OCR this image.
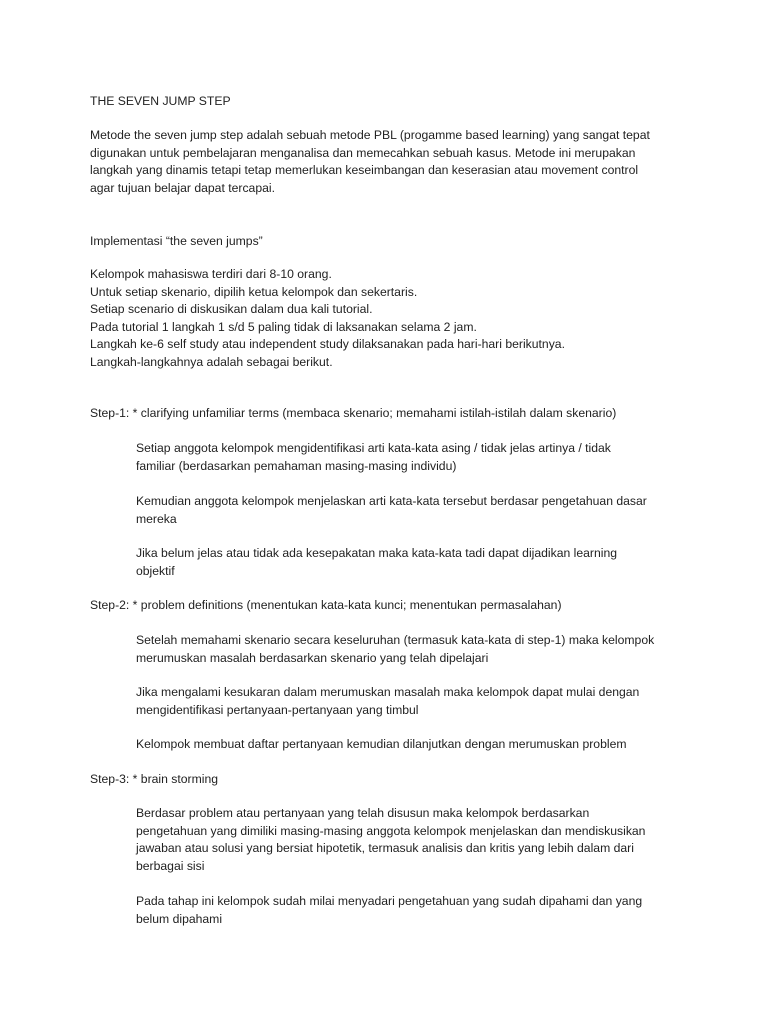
THE SEVEN JUMP STEP

Metode the seven jump step adalah sebuah metode PBL (progamme based learning) yang sangat tepat
digunakan untuk pembelajaran menganalisa dan memecahkan sebuah kasus. Metode ini merupakan
langkah yang dinamis tetapi tetap memerlukan keseimbangan dan keserasian atau movement control
agar tujuan belajar dapat tercapai.

Implementasi “the seven jumps”

Kelompok mahasiswa terdiri dari 8-10 orang.
Untuk setiap skenario, dipilih ketua kelompok dan sekertaris.
Setiap scenario di diskusikan dalam dua kali tutorial.
Pada tutorial 1 langkah 1 s/d 5 paling tidak di laksanakan selama 2 jam.
Langkah ke-6 self study atau independent study dilaksanakan pada hari-hari berikutnya.
Langkah-langkahnya adalah sebagai berikut.

Step-1: * clarifying unfamiliar terms (membaca skenario; memahami istilah-istilah dalam skenario)

Setiap anggota kelompok mengidentifikasi arti kata-kata asing / tidak jelas artinya / tidak
familiar (berdasarkan pemahaman masing-masing individu)

Kemudian anggota kelompok menjelaskan arti kata-kata tersebut berdasar pengetahuan dasar
mereka

Jika belum jelas atau tidak ada kesepakatan maka kata-kata tadi dapat dijadikan learning
objektif

Step-2: * problem definitions (menentukan kata-kata kunci; menentukan permasalahan)

Setelah memahami skenario secara keseluruhan (termasuk kata-kata di step-1) maka kelompok
merumuskan masalah berdasarkan skenario yang telah dipelajari

Jika mengalami kesukaran dalam merumuskan masalah maka kelompok dapat mulai dengan
mengidentifikasi pertanyaan-pertanyaan yang timbul

Kelompok membuat daftar pertanyaan kemudian dilanjutkan dengan merumuskan problem

Step-3: * brain storming

Berdasar problem atau pertanyaan yang telah disusun maka kelompok berdasarkan
pengetahuan yang dimiliki masing-masing anggota kelompok menjelaskan dan mendiskusikan
jawaban atau solusi yang bersiat hipotetik, termasuk analisis dan kritis yang lebih dalam dari
berbagai sisi

Pada tahap ini kelompok sudah milai menyadari pengetahuan yang sudah dipahami dan yang
belum dipahami
